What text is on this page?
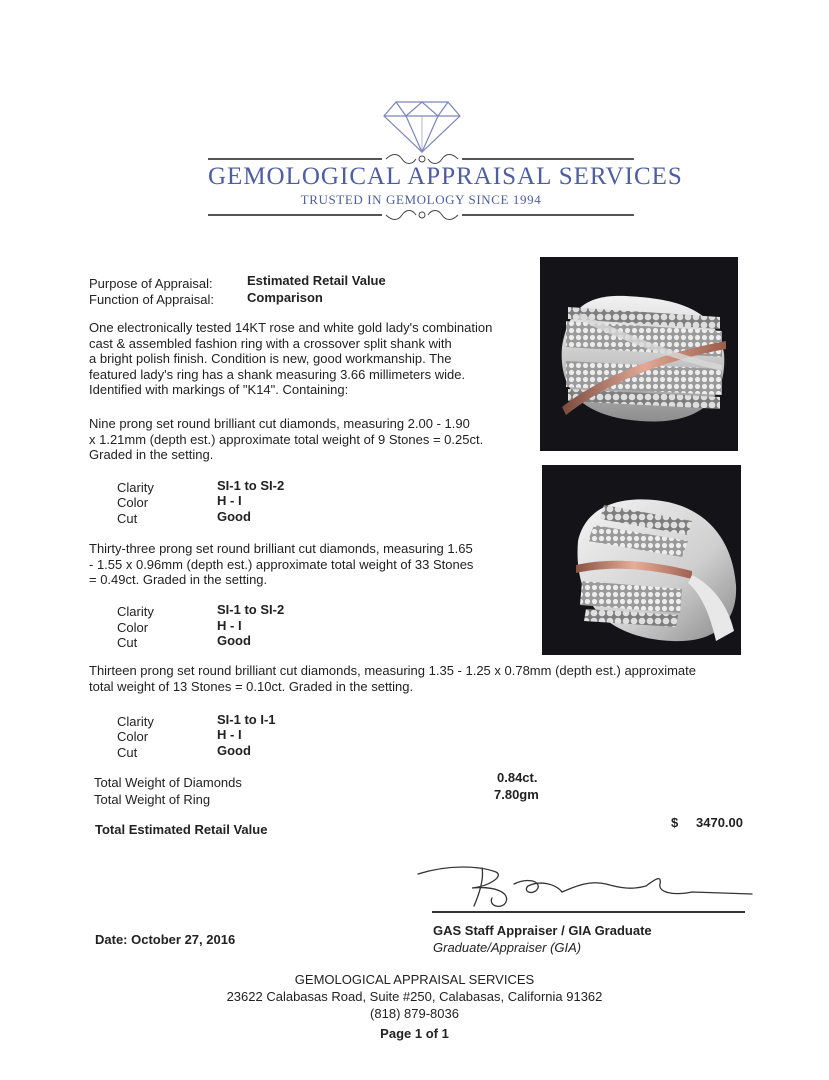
GEMOLOGICAL APPRAISAL SERVICES
TRUSTED IN GEMOLOGY SINCE 1994
Purpose of Appraisal:	Estimated Retail Value
Function of Appraisal:	Comparison
One electronically tested 14KT rose and white gold lady's combination
cast & assembled fashion ring with a crossover split shank with
a bright polish finish. Condition is new, good workmanship. The
featured lady's ring has a shank measuring 3.66 millimeters wide.
Identified with markings of "K14". Containing:
Nine prong set round brilliant cut diamonds, measuring 2.00 - 1.90
x 1.21mm (depth est.) approximate total weight of 9 Stones = 0.25ct.
Graded in the setting.
Clarity	SI-1 to SI-2
Color	H - I
Cut	Good
Thirty-three prong set round brilliant cut diamonds, measuring 1.65
- 1.55 x 0.96mm (depth est.) approximate total weight of 33 Stones
= 0.49ct. Graded in the setting.
Clarity	SI-1 to SI-2
Color	H - I
Cut	Good
Thirteen prong set round brilliant cut diamonds, measuring 1.35 - 1.25 x 0.78mm (depth est.) approximate
total weight of 13 Stones = 0.10ct. Graded in the setting.
Clarity	SI-1 to I-1
Color	H - I
Cut	Good
Total Weight of Diamonds	0.84ct.
Total Weight of Ring	7.80gm
Total Estimated Retail Value	$ 3470.00
Date: October 27, 2016
GAS Staff Appraiser / GIA Graduate
Graduate/Appraiser (GIA)
GEMOLOGICAL APPRAISAL SERVICES
23622 Calabasas Road, Suite #250, Calabasas, California 91362
(818) 879-8036
Page 1 of 1
